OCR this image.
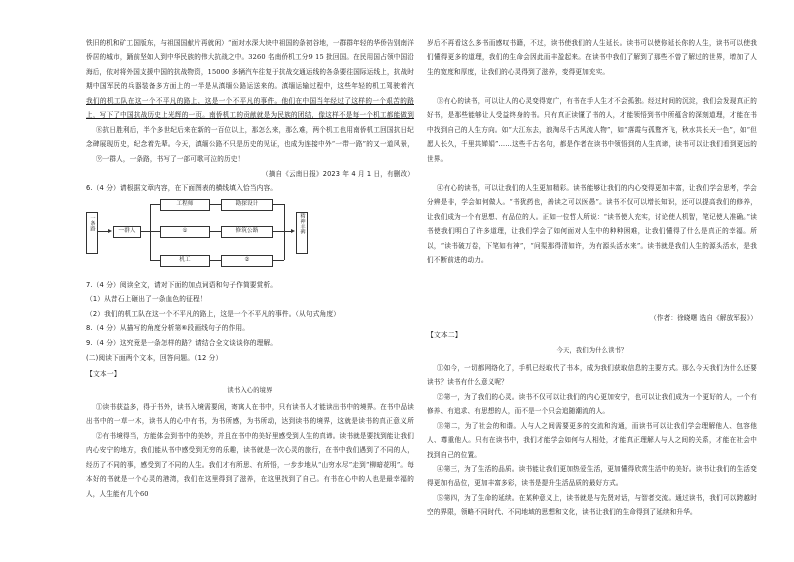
铁旧的机和矿工国版东，与祖国国献片再就闲）“面对水深大块中祖国的条初谷地，一群群年轻的华侨告别南洋侨居的城市，踊前坚如人到中华民族的伟大抗战之中。3260 名南侨机工分9 15 批回国。在民用国占领中国沿海后，依对将外国支援中国的抗战物资，15000 多辆汽车往复于抗战交通运线的各条要往国际运线上，抗战时期中国军民的兵器装备多方面上的一半是从滇缅公路运送来的。滇缅运输过程中，这些年轻的机工驾驶着汽

我们的机工队在这一个不平凡的路上，这是一个不平凡的事件。他们在中国当年经过了这样的一个艰苦的路上，写下了中国抗战历史上光辉的一页。南侨机工的贡献就是为民族的团结，像这样不是每一个机工都能做到

⑧抗日胜利后，半个多世纪后来在新的一百位以上，那怎么来，那么难，两个机工也用南侨机工回国抗日纪念碑展现历史，纪念着先辈。今天，滇缅公路不只是历史的见证，也成为连接中外“一带一路”的又一道风景，

⑨一群人，一条路，书写了一部可歌可泣的历史！

（摘自《云南日报》2023 年 4 月 1 日，有删改）

6.（4 分）请根据文章内容，在下面图表的横线填入恰当内容。

一条路	一群人
工程师
①
机工
勘探设计
修筑公路
②
精神丰碑

7.（4 分）阅读全文，请对下面的加点词语和句子作简要赏析。

（1）从昔石上砸出了一条血色的征程！

（2）我们的机工队在这一个不平凡的路上，这是一个不平凡的事件。（从句式角度）

8.（4 分）从描写的角度分析第⑥段画线句子的作用。

9.（4 分）这究竟是一条怎样的路？请结合全文谈谈你的理解。

(二)阅读下面两个文本，回答问题。（12 分）

【文本一】

读书入心的境界

①读书获益多，得于书外，读书入境需要闲，寄寓人在书中，只有读书人才能读出书中的境界。在书中品读出书中的一草一木，读书人的心中有书，为书所感，为书所动，达到读书的境界，这就是读书的真正意义所

②有书境得当，方能体会到书中的美妙，并且在书中的美好里感受到人生的真谛。读书就是要找到能让我们内心安宁的地方，我们能从书中感受到无穷的乐趣，读书就是一次心灵的旅行，在书中我们遇到了不同的人，经历了不同的事，感受到了不同的人生。我们才有所思、有所悟，一步步地从“山穷水尽”走到“柳暗花明”。每本好的书就是一个心灵的港湾，我们在这里得到了滋养，在这里找到了自己。有书在心中的人也是最幸福的人，人生能有几个60

岁后不再看这么多书而感叹书籍，不过，读书使我们的人生延长。读书可以使你延长你的人生，读书可以使我们懂得更多的道理，我们的生命会因此而丰盈起来。在读书中我们了解到了那些不曾了解过的世界，增加了人生的宽度和厚度，让我们的心灵得到了滋养，变得更加充实。

③有心的读书，可以让人的心灵变得宽广，有书在手人生才不会孤独。经过时间的沉淀，我们会发现真正的好书，是那些能够让人受益终身的书。只有真正读懂了书的人，才能领悟到书中所蕴含的深刻道理，才能在书中找到自己的人生方向。如“大江东去，浪淘尽千古风流人物”，如“落霞与孤鹜齐飞，秋水共长天一色”，如“但愿人长久，千里共婵娟”……这些千古名句，都是作者在读书中领悟到的人生真谛，读书可以让我们看到更远的世界。

④有心的读书，可以让我们的人生更加精彩。读书能够让我们的内心变得更加丰富，让我们学会思考，学会分辨是非，学会如何做人。“书犹药也，善读之可以医愚”。读书不仅可以增长知识，还可以提高我们的修养，让我们成为一个有思想、有品位的人。正如一位哲人所说：“读书使人充实，讨论使人机智，笔记使人准确。”读书使我们明白了许多道理，让我们学会了如何面对人生中的种种困难，让我们懂得了什么是真正的幸福。所以，“读书破万卷，下笔如有神”，“问渠那得清如许，为有源头活水来”。读书就是我们人生的源头活水，是我们不断前进的动力。

（作者：徐晓曙 选自《解放军报》）

【文本二】

今天，我们为什么读书？

①如今，一切都网络化了，手机已经取代了书本，成为我们获取信息的主要方式。那么今天我们为什么还要读书？读书有什么意义呢？

②第一，为了我们的心灵。读书不仅可以让我们的内心更加安宁，也可以让我们成为一个更好的人，一个有修养、有追求、有思想的人，而不是一个只会追随潮流的人。

③第二，为了社会的和谐。人与人之间需要更多的交流和沟通，而读书可以让我们学会理解他人、包容他人、尊重他人。只有在读书中，我们才能学会如何与人相处，才能真正理解人与人之间的关系，才能在社会中找到自己的位置。

④第三，为了生活的品质。读书能让我们更加热爱生活，更加懂得欣赏生活中的美好。读书让我们的生活变得更加有品位，更加丰富多彩，读书是提升生活品质的最好方式。

⑤第四，为了生命的延续。在某种意义上，读书就是与先贤对话，与智者交流。通过读书，我们可以跨越时空的界限，领略不同时代、不同地域的思想和文化，读书让我们的生命得到了延续和升华。
